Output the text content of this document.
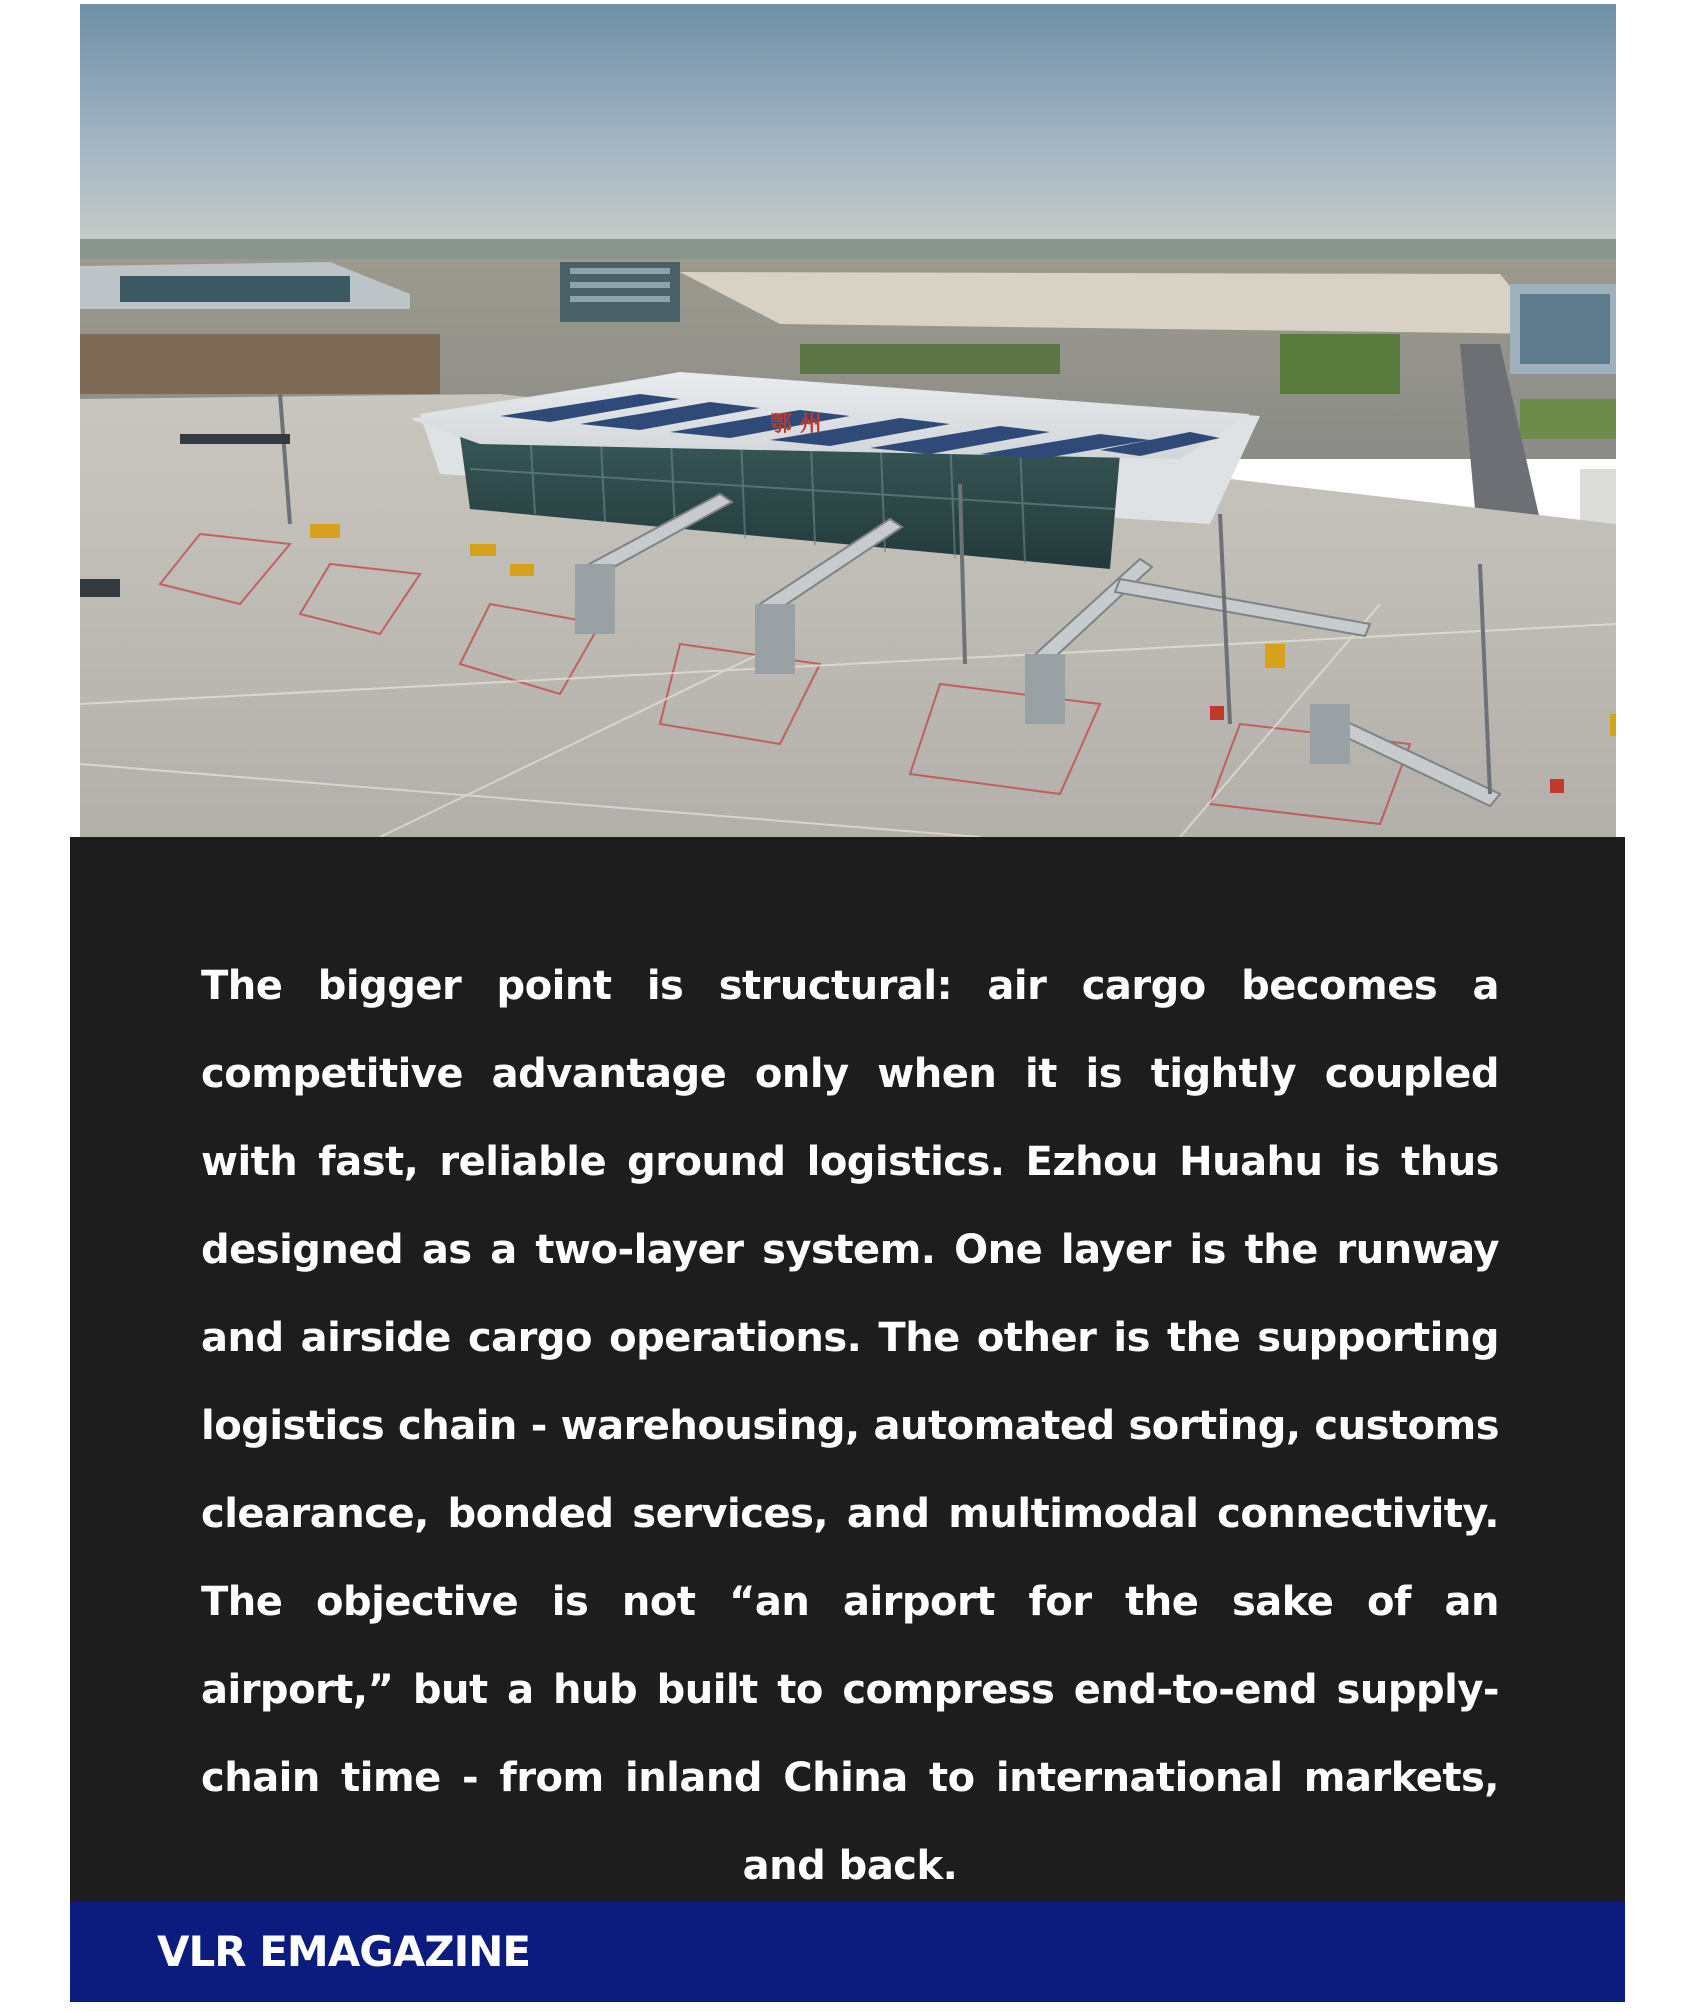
鄂 州

The bigger point is structural: air cargo becomes a competitive advantage only when it is tightly coupled with fast, reliable ground logistics. Ezhou Huahu is thus designed as a two-layer system. One layer is the runway and airside cargo operations. The other is the supporting logistics chain - warehousing, automated sorting, customs clearance, bonded services, and multimodal connectivity. The objective is not “an airport for the sake of an airport,” but a hub built to compress end-to-end supply-chain time - from inland China to international markets, and back.

VLR EMAGAZINE
